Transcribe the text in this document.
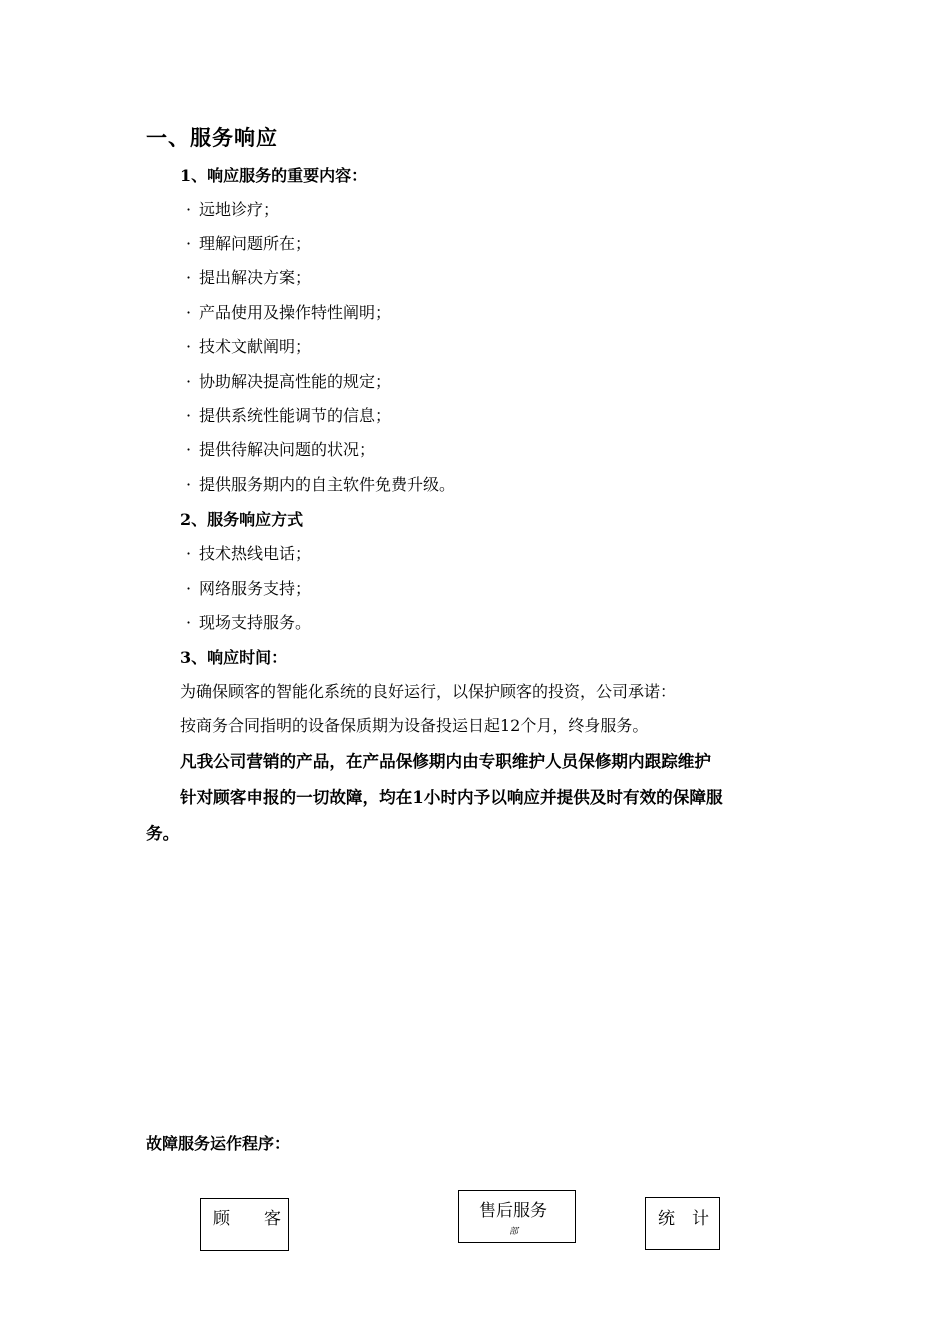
一、服务响应
1、响应服务的重要内容：
· 远地诊疗；
· 理解问题所在；
· 提出解决方案；
· 产品使用及操作特性阐明；
· 技术文献阐明；
· 协助解决提高性能的规定；
· 提供系统性能调节的信息；
· 提供待解决问题的状况；
· 提供服务期内的自主软件免费升级。
2、服务响应方式
· 技术热线电话；
· 网络服务支持；
· 现场支持服务。
3、响应时间：
为确保顾客的智能化系统的良好运行，以保护顾客的投资，公司承诺：
按商务合同指明的设备保质期为设备投运日起12个月，终身服务。
凡我公司营销的产品，在产品保修期内由专职维护人员保修期内跟踪维护
针对顾客申报的一切故障，均在1小时内予以响应并提供及时有效的保障服
务。
故障服务运作程序：
顾　　客	售后服务
部
统　计
